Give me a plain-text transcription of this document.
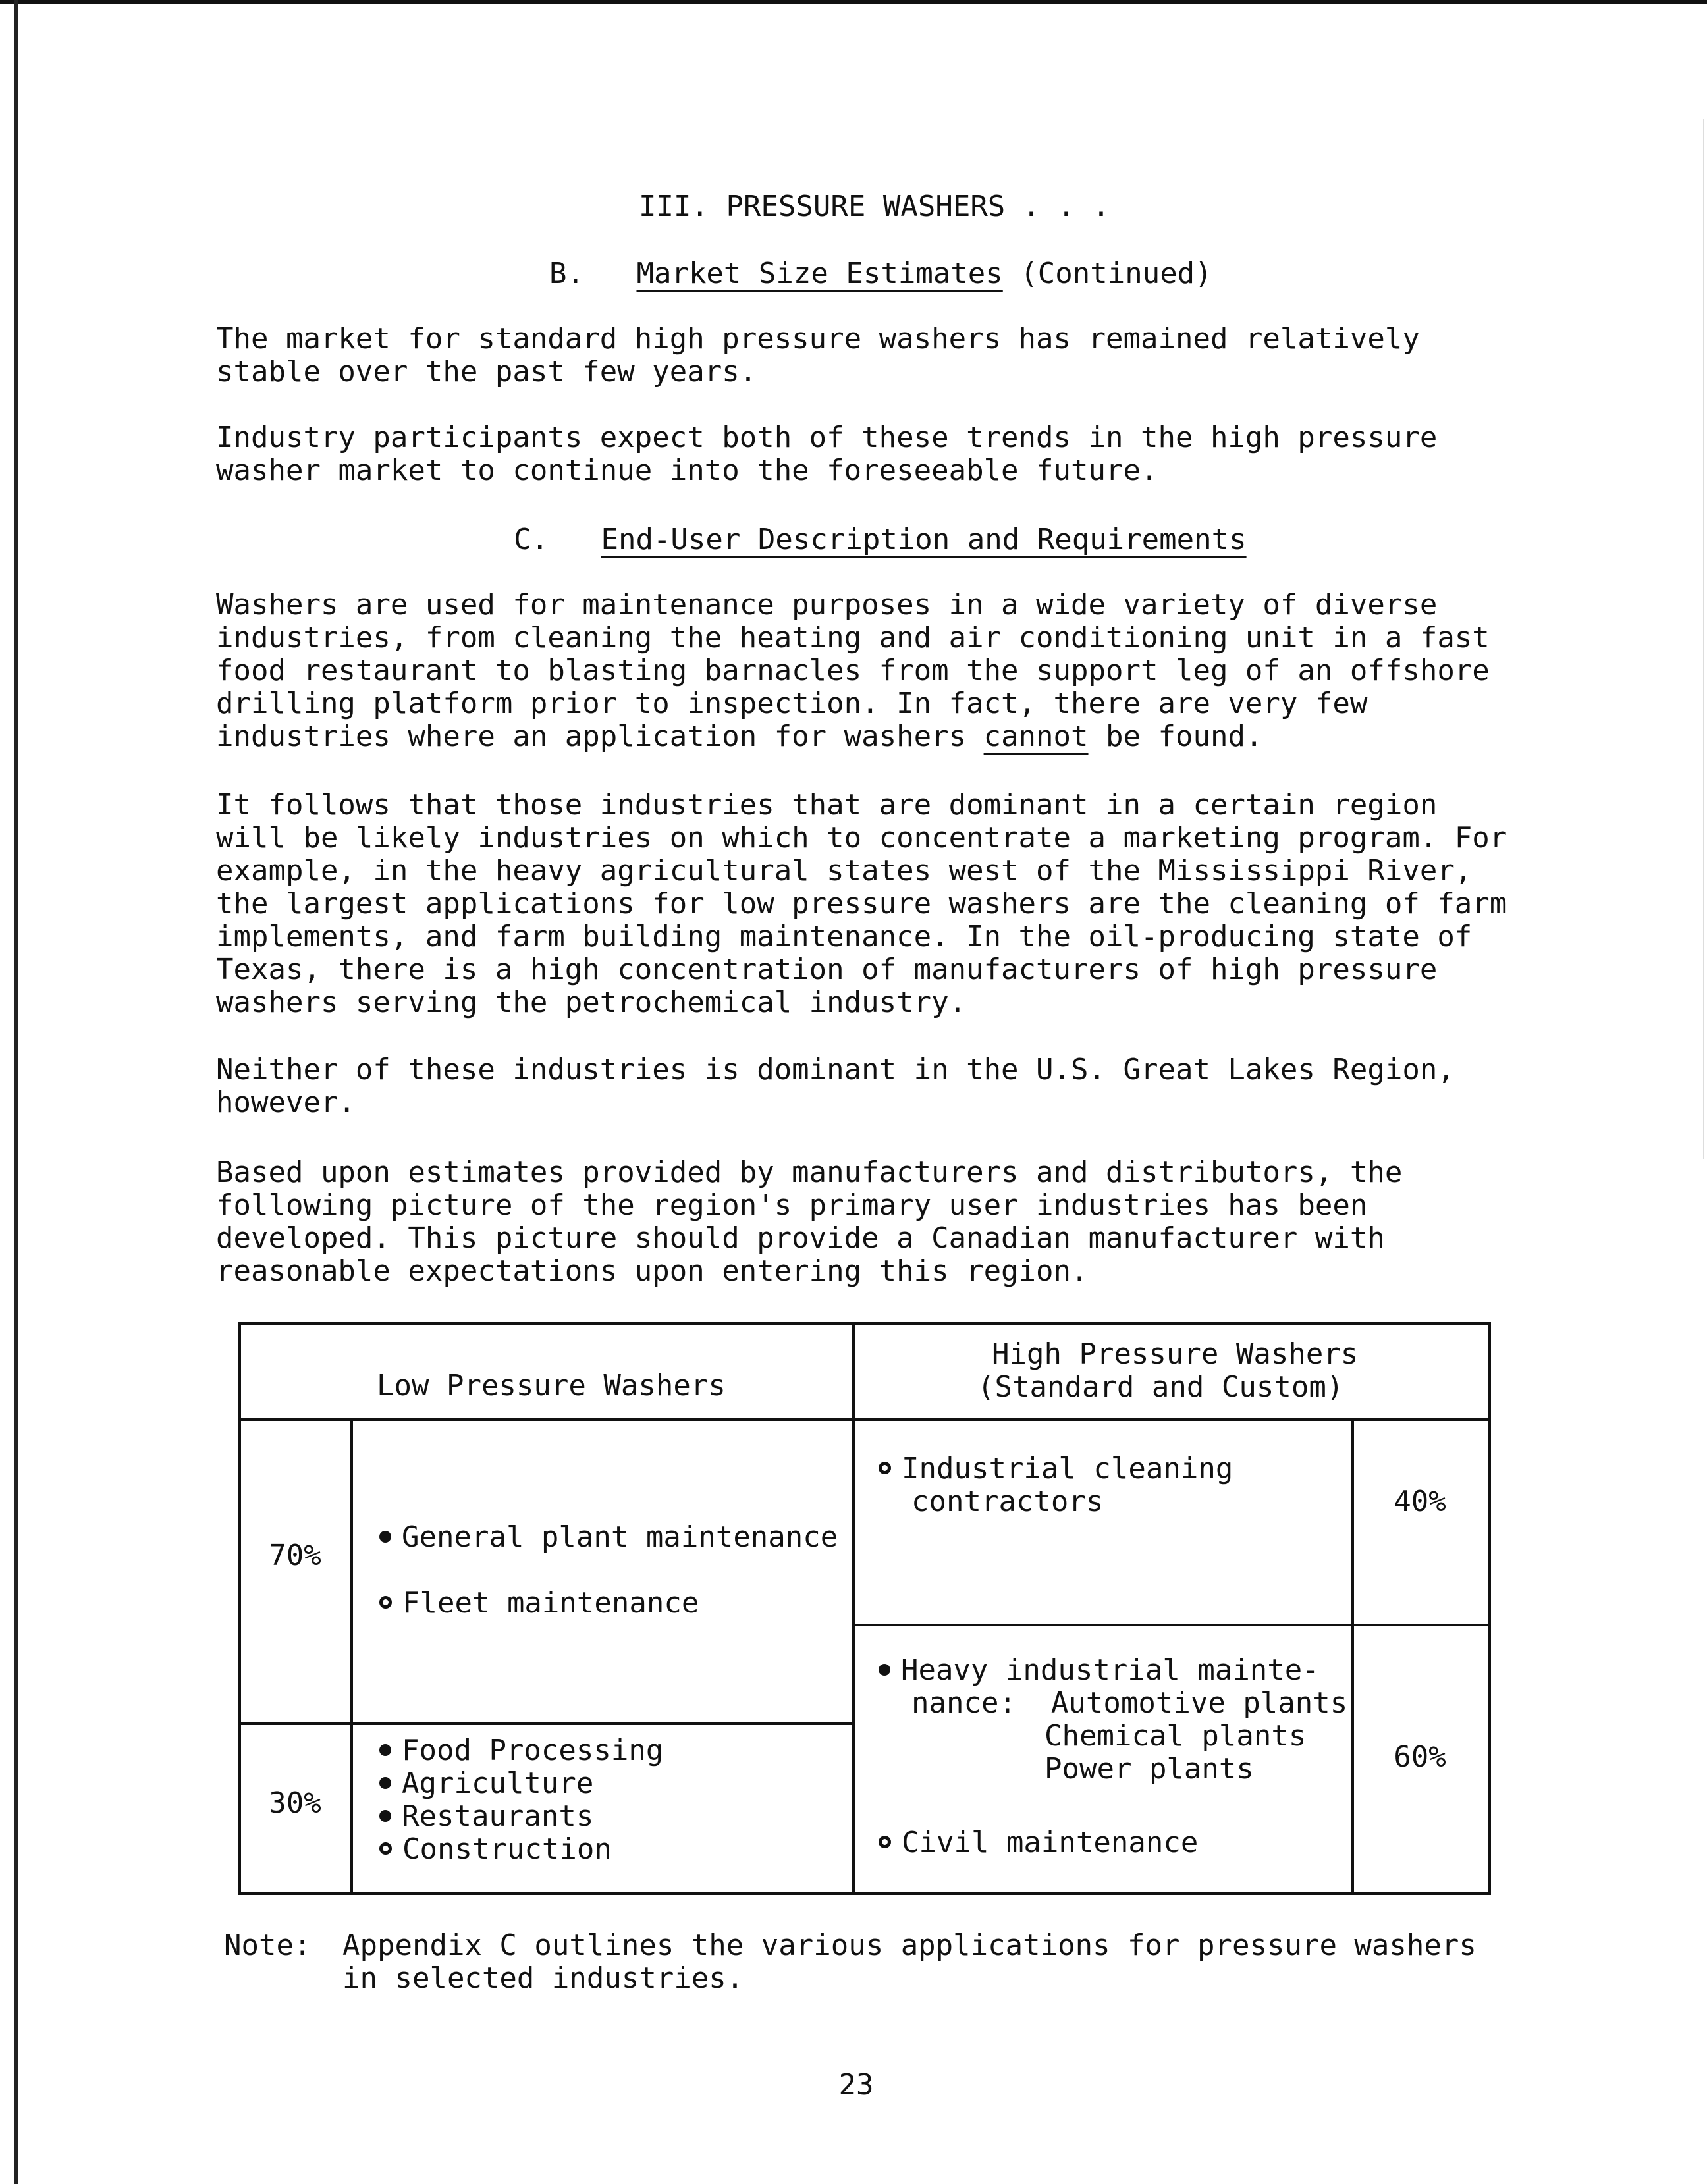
III. PRESSURE WASHERS . . .
B. Market Size Estimates (Continued)

The market for standard high pressure washers has remained relatively stable over the past few years.

Industry participants expect both of these trends in the high pressure washer market to continue into the foreseeable future.

C. End-User Description and Requirements

Washers are used for maintenance purposes in a wide variety of diverse industries, from cleaning the heating and air conditioning unit in a fast food restaurant to blasting barnacles from the support leg of an offshore drilling platform prior to inspection. In fact, there are very few industries where an application for washers cannot be found.

It follows that those industries that are dominant in a certain region will be likely industries on which to concentrate a marketing program. For example, in the heavy agricultural states west of the Mississippi River, the largest applications for low pressure washers are the cleaning of farm implements, and farm building maintenance. In the oil-producing state of Texas, there is a high concentration of manufacturers of high pressure washers serving the petrochemical industry.

Neither of these industries is dominant in the U.S. Great Lakes Region, however.

Based upon estimates provided by manufacturers and distributors, the following picture of the region's primary user industries has been developed. This picture should provide a Canadian manufacturer with reasonable expectations upon entering this region.

Low Pressure Washers
High Pressure Washers
(Standard and Custom)
70%
General plant maintenance
Fleet maintenance
30%
Food Processing
Agriculture
Restaurants
Construction
Industrial cleaning
contractors	40%
Heavy industrial mainte-
nance:  Automotive plants
Chemical plants
Power plants
Civil maintenance
60%
Note: Appendix C outlines the various applications for pressure washers in selected industries.
23
